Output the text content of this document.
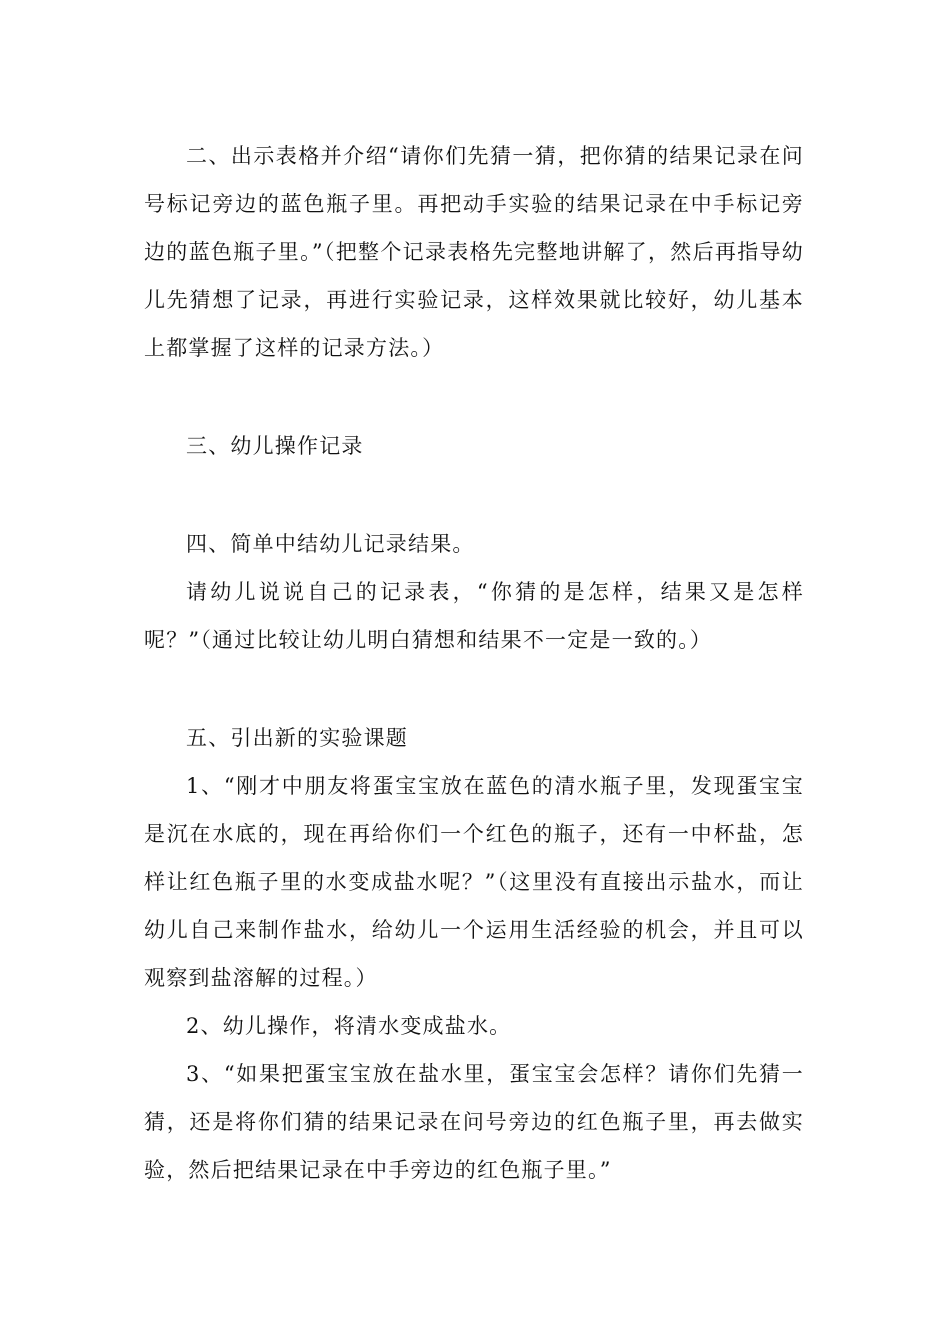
二、出示表格并介绍“请你们先猜一猜，把你猜的结果记录在问号标记旁边的蓝色瓶子里。再把动手实验的结果记录在中手标记旁边的蓝色瓶子里。”（把整个记录表格先完整地讲解了，然后再指导幼儿先猜想了记录，再进行实验记录，这样效果就比较好，幼儿基本上都掌握了这样的记录方法。）

三、幼儿操作记录

四、简单中结幼儿记录结果。

请幼儿说说自己的记录表，“你猜的是怎样，结果又是怎样呢？”（通过比较让幼儿明白猜想和结果不一定是一致的。）

五、引出新的实验课题

1、“刚才中朋友将蛋宝宝放在蓝色的清水瓶子里，发现蛋宝宝是沉在水底的，现在再给你们一个红色的瓶子，还有一中杯盐，怎样让红色瓶子里的水变成盐水呢？”（这里没有直接出示盐水，而让幼儿自己来制作盐水，给幼儿一个运用生活经验的机会，并且可以观察到盐溶解的过程。）

2、幼儿操作，将清水变成盐水。

3、“如果把蛋宝宝放在盐水里，蛋宝宝会怎样？请你们先猜一猜，还是将你们猜的结果记录在问号旁边的红色瓶子里，再去做实验，然后把结果记录在中手旁边的红色瓶子里。”
